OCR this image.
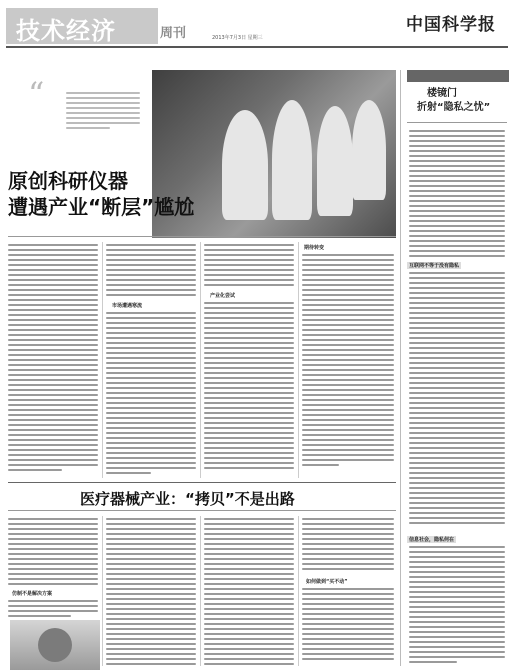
技术经济	周刊	中国科学报
2013年7月3日 星期三
“
原创科研仪器
遭遇产业“断层”尴尬
市场遭遇寒流
产业化尝试
期待转变
医疗器械产业：“拷贝”不是出路
仿制不是解决方案
如何做到“买不动”
楼镜门
折射“隐私之忧”
互联网不等于没有隐私
信息社会，隐私何在
